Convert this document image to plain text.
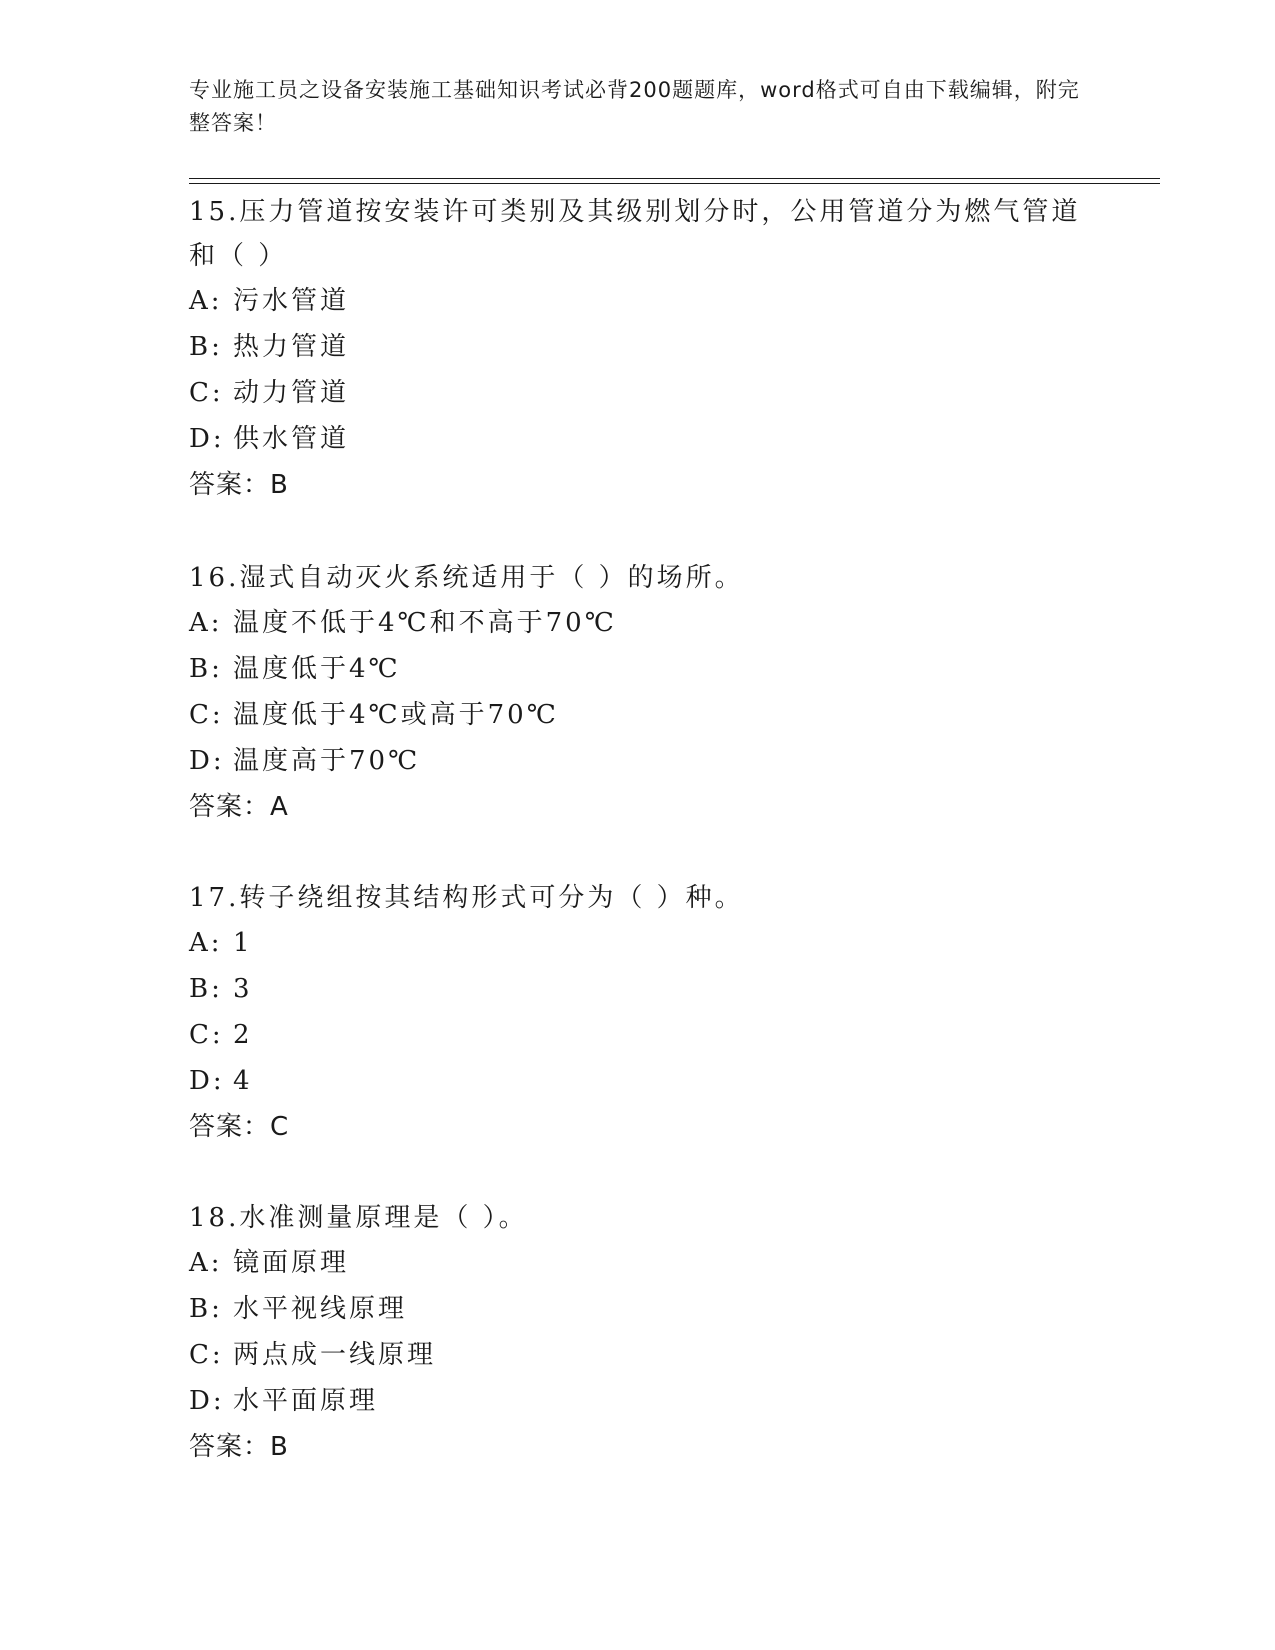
专业施工员之设备安装施工基础知识考试必背200题题库，word格式可自由下载编辑，附完整答案！
15.压力管道按安装许可类别及其级别划分时，公用管道分为燃气管道和（ ）
A: 污水管道
B: 热力管道
C: 动力管道
D: 供水管道
答案：B
16.湿式自动灭火系统适用于（ ）的场所。
A: 温度不低于4℃和不高于70℃
B: 温度低于4℃
C: 温度低于4℃或高于70℃
D: 温度高于70℃
答案：A
17.转子绕组按其结构形式可分为（ ）种。
A: 1
B: 3
C: 2
D: 4
答案：C
18.水准测量原理是（ ）。
A: 镜面原理
B: 水平视线原理
C: 两点成一线原理
D: 水平面原理
答案：B
